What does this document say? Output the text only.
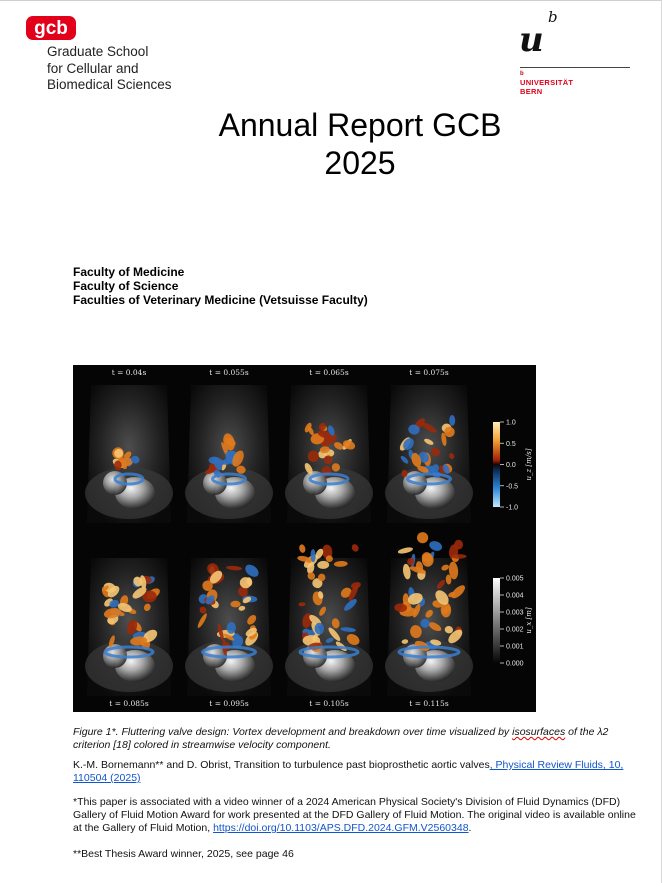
gcb
Graduate School
for Cellular and
Biomedical Sciences
u
b
b
UNIVERSITÄT
BERN
Annual Report GCB
2025
Faculty of Medicine
Faculty of Science
Faculties of Veterinary Medicine (Vetsuisse Faculty)
t = 0.04s	t = 0.055s	t = 0.065s	t = 0.075s
t = 0.085s	t = 0.095s	t = 0.105s	t = 0.115s
1.0
0.5
0.0
-0.5
-1.0
u_z [m/s]
0.005
0.004
0.003
0.002
0.001
0.000
u_x [m]
Figure 1*. Fluttering valve design: Vortex development and breakdown over time visualized by isosurfaces of the λ2 criterion [18] colored in streamwise velocity component.
K.-M. Bornemann** and D. Obrist, Transition to turbulence past bioprosthetic aortic valves, Physical Review Fluids, 10, 110504 (2025)
*This paper is associated with a video winner of a 2024 American Physical Society's Division of Fluid Dynamics (DFD) Gallery of Fluid Motion Award for work presented at the DFD Gallery of Fluid Motion. The original video is available online at the Gallery of Fluid Motion, https://doi.org/10.1103/APS.DFD.2024.GFM.V2560348.
**Best Thesis Award winner, 2025, see page 46
